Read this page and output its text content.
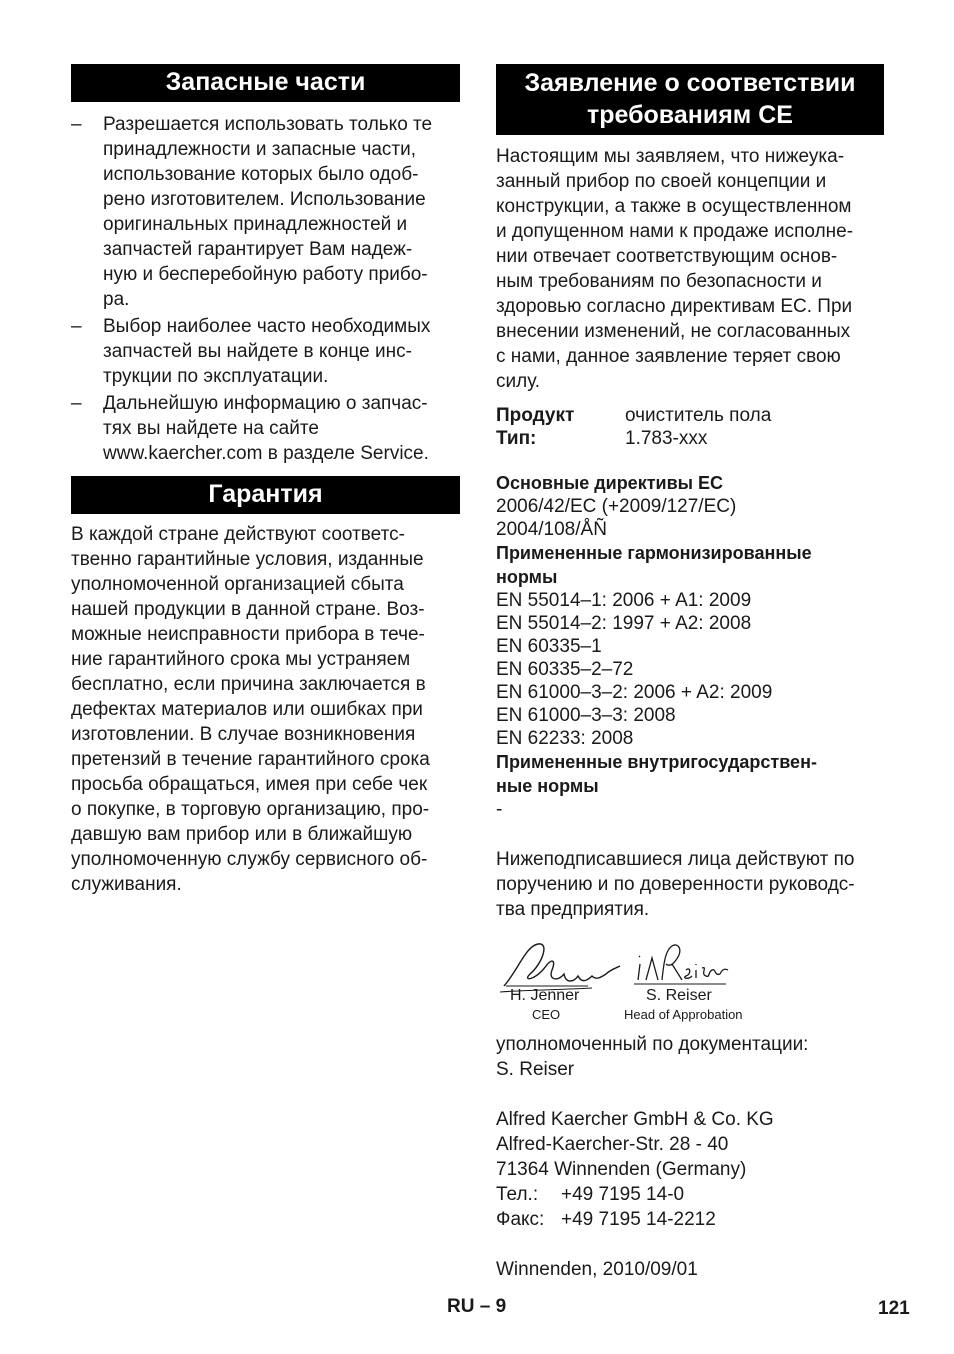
Запасные части
– Разрешается использовать только те
принадлежности и запасные части,
использование которых было одоб-
рено изготовителем. Использование
оригинальных принадлежностей и
запчастей гарантирует Вам надеж-
ную и бесперебойную работу прибо-
ра.
– Выбор наиболее часто необходимых
запчастей вы найдете в конце инс-
трукции по эксплуатации.
– Дальнейшую информацию о запчас-
тях вы найдете на сайте
www.kaercher.com в разделе Service.
Гарантия
В каждой стране действуют соответс-
твенно гарантийные условия, изданные
уполномоченной организацией сбыта
нашей продукции в данной стране. Воз-
можные неисправности прибора в тече-
ние гарантийного срока мы устраняем
бесплатно, если причина заключается в
дефектах материалов или ошибках при
изготовлении. В случае возникновения
претензий в течение гарантийного срока
просьба обращаться, имея при себе чек
о покупке, в торговую организацию, про-
давшую вам прибор или в ближайшую
уполномоченную службу сервисного об-
служивания.
Заявление о соответствии
требованиям CE
Настоящим мы заявляем, что нижеука-
занный прибор по своей концепции и
конструкции, а также в осуществленном
и допущенном нами к продаже исполне-
нии отвечает соответствующим основ-
ным требованиям по безопасности и
здоровью согласно директивам ЕС. При
внесении изменений, не согласованных
с нами, данное заявление теряет свою
силу.
Продукт	очиститель пола
Тип:	1.783-xxx
Основные директивы ЕС
2006/42/EC (+2009/127/EC)
2004/108/ÅÑ
Примененные гармонизированные
нормы
EN 55014–1: 2006 + A1: 2009
EN 55014–2: 1997 + A2: 2008
EN 60335–1
EN 60335–2–72
EN 61000–3–2: 2006 + A2: 2009
EN 61000–3–3: 2008
EN 62233: 2008
Примененные внутригосударствен-
ные нормы
-
Нижеподписавшиеся лица действуют по
поручению и по доверенности руководс-
тва предприятия.
H. Jenner
CEO
S. Reiser
Head of Approbation
уполномоченный по документации:
S. Reiser
Alfred Kaercher GmbH & Co. KG
Alfred-Kaercher-Str. 28 - 40
71364 Winnenden (Germany)
Тел.:	+49 7195 14-0
Факс: +49 7195 14-2212
Winnenden, 2010/09/01
RU – 9	121
